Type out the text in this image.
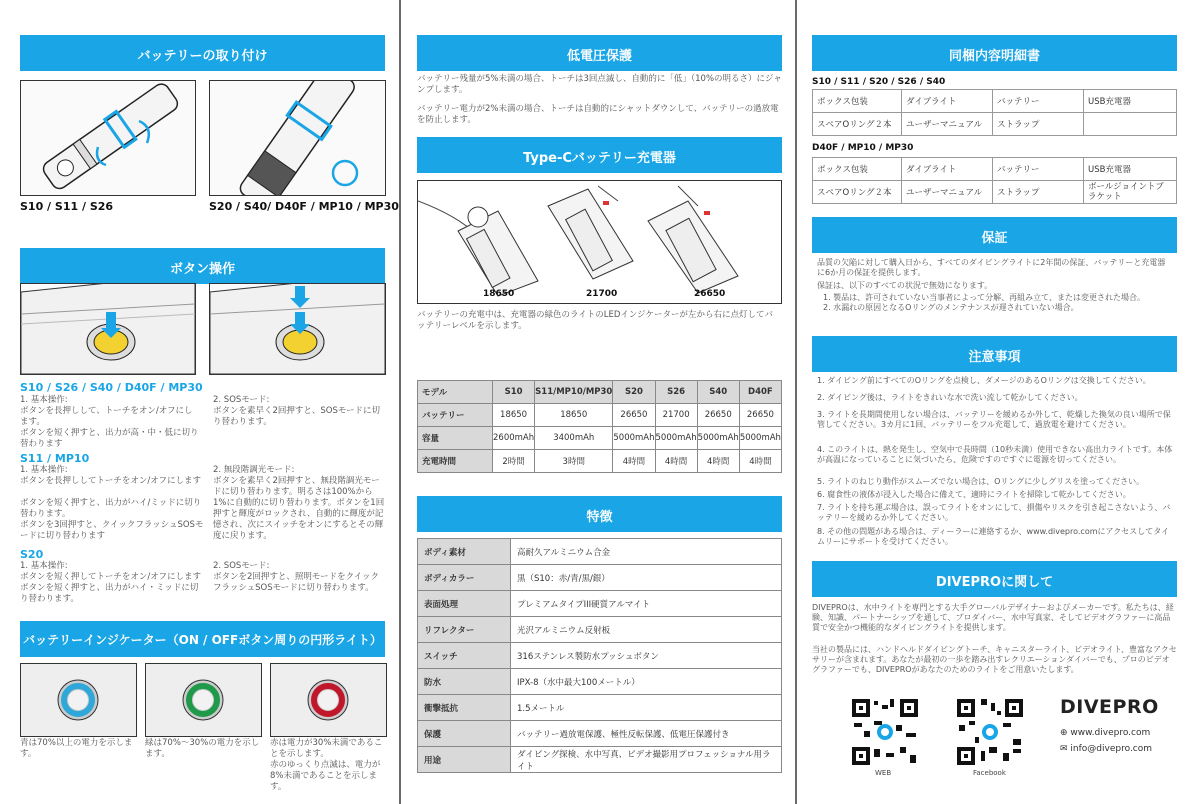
バッテリーの取り付け
S10 / S11 / S26	S20 / S40/ D40F / MP10 / MP30
ボタン操作
S10 / S26 / S40 / D40F / MP30
1. 基本操作:
ボタンを長押しして、トーチをオン/オフにします。
ボタンを短く押すと、出力が高・中・低に切り替わります
2. SOSモード:
ボタンを素早く2回押すと、SOSモードに切り替わります。
S11 / MP10
1. 基本操作:
ボタンを長押ししてトーチをオン/オフにします

ボタンを短く押すと、出力がハイ/ミッドに切り替わります。
ボタンを3回押すと、クイックフラッシュSOSモードに切り替わります
2. 無段階調光モード:
ボタンを素早く2回押すと、無段階調光モードに切り替わります。明るさは100%から1%に自動的に切り替わります。ボタンを1回押すと輝度がロックされ、自動的に輝度が記憶され、次にスイッチをオンにするとその輝度に戻ります。
S20
1. 基本操作:
ボタンを短く押してトーチをオン/オフにします
ボタンを短く押すと、出力がハイ・ミッドに切り替わります。
2. SOSモード:
ボタンを2回押すと、照明モードをクイックフラッシュSOSモードに切り替わります。
バッテリーインジケーター（ON / OFFボタン周りの円形ライト）
青は70%以上の電力を示します。
緑は70%～30%の電力を示します。
赤は電力が30%未満であることを示します。
赤のゆっくり点滅は、電力が8%未満であることを示します。
低電圧保護
バッテリー残量が5%未満の場合、トーチは3回点滅し、自動的に「低」（10%の明るさ）にジャンプします。
バッテリー電力が2%未満の場合、トーチは自動的にシャットダウンして、バッテリーの過放電を防止します。
Type-Cバッテリー充電器
18650	21700	26650
バッテリーの充電中は、充電器の緑色のライトのLEDインジケーターが左から右に点灯してバッテリーレベルを示します。
モデル	S10	S11/MP10/MP30	S20	S26	S40	D40F
バッテリー	18650	18650	26650	21700	26650	26650
容量	2600mAh	3400mAh	5000mAh	5000mAh	5000mAh	5000mAh
充電時間	2時間	3時間	4時間	4時間	4時間	4時間
特徴
ボディ素材	高耐久アルミニウム合金
ボディカラー	黒（S10：赤/青/黒/銀）
表面処理	プレミアムタイプIII硬質アルマイト
リフレクター	光沢アルミニウム反射板
スイッチ	316ステンレス製防水プッシュボタン
防水	IPX-8（水中最大100メートル）
衝撃抵抗	1.5メートル
保護	バッテリー過放電保護、極性反転保護、低電圧保護付き
用途	ダイビング探検、水中写真、ビデオ撮影用プロフェッショナル用ライト
同梱内容明細書
S10 / S11 / S20 / S26 / S40
ボックス包装	ダイブライト	バッテリー	USB充電器
スペアOリング２本	ユーザーマニュアル	ストラップ	
D40F / MP10 / MP30
ボックス包装	ダイブライト	バッテリー	USB充電器
スペアOリング２本	ユーザーマニュアル	ストラップ	ボールジョイントブラケット
保証
品質の欠陥に対して購入日から、すべてのダイビングライトに2年間の保証、バッテリーと充電器に6か月の保証を提供します。
保証は、以下のすべての状況で無効になります。
1. 製品は、許可されていない当事者によって分解、再組み立て、または変更された場合。
2. 水漏れの原因となるOリングのメンテナンスが遅されていない場合。
注意事項
1. ダイビング前にすべてのOリングを点検し、ダメージのあるOリングは交換してください。
2. ダイビング後は、ライトをきれいな水で洗い流して乾かしてください。
3. ライトを長期間使用しない場合は、バッテリーを緩めるか外して、乾燥した換気の良い場所で保管してください。3カ月に1回、バッテリーをフル充電して、過放電を避けてください。
4. このライトは、熱を発生し、空気中で長時間（10秒未満）使用できない高出力ライトです。本体が高温になっていることに気づいたら、危険ですのですぐに電源を切ってください。
5. ライトのねじり動作がスムーズでない場合は、Oリングに少しグリスを塗ってください。
6. 腐食性の液体が浸入した場合に備えて、適時にライトを掃除して乾かしてください。
7. ライトを持ち運ぶ場合は、誤ってライトをオンにして、損傷やリスクを引き起こさないよう、バッテリーを緩めるか外してください。
8. その他の問題がある場合は、ディーラーに連絡するか、www.divepro.comにアクセスしてタイムリーにサポートを受けてください。
DIVEPROに関して
DIVEPROは、水中ライトを専門とする大手グローバルデザイナーおよびメーカーです。私たちは、経験、知識、パートナーシップを通して、プロダイバー、水中写真家、そしてビデオグラファーに高品質で安全かつ機能的なダイビングライトを提供します。
当社の製品には、ハンドヘルドダイビングトーチ、キャニスターライト、ビデオライト、豊富なアクセサリーが含まれます。あなたが最初の一歩を踏み出すレクリエーションダイバーでも、プロのビデオグラファーでも、DIVEPROがあなたのためのライトをご用意いたします。
WEB	Facebook
DIVEPRO
⊕ www.divepro.com
✉ info@divepro.com
